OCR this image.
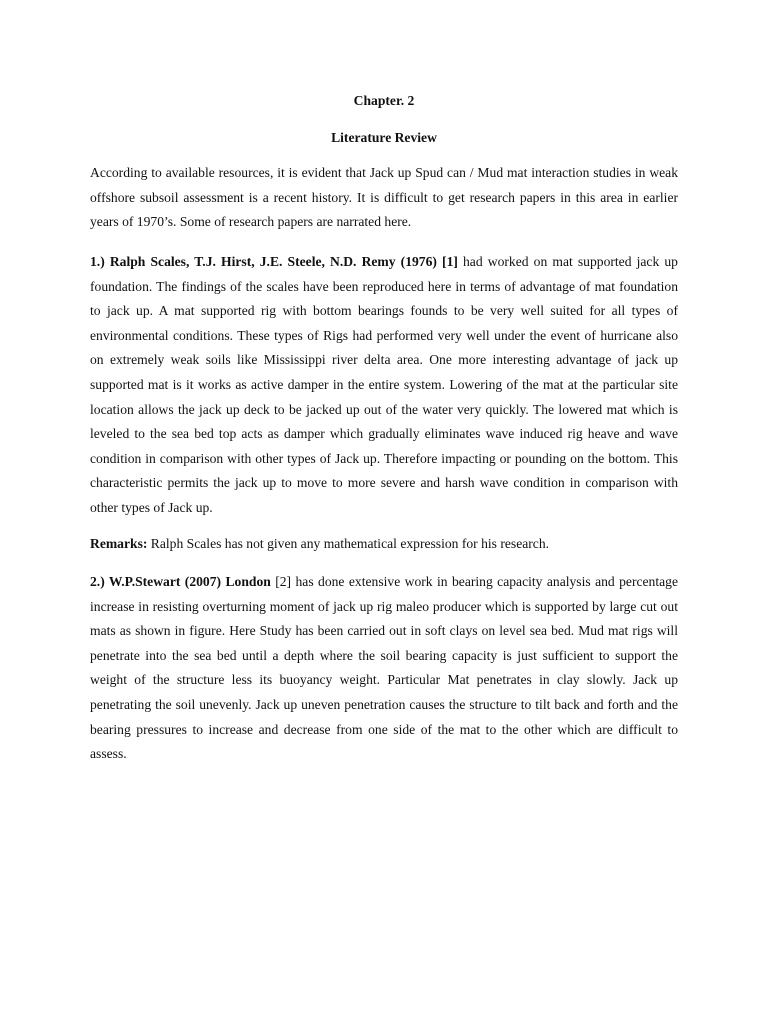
Chapter. 2

Literature Review

According to available resources, it is evident that Jack up Spud can / Mud mat interaction studies in weak offshore subsoil assessment is a recent history. It is difficult to get research papers in this area in earlier years of 1970’s. Some of research papers are narrated here.

1.) Ralph Scales, T.J. Hirst, J.E. Steele, N.D. Remy (1976) [1] had worked on mat supported jack up foundation. The findings of the scales have been reproduced here in terms of advantage of mat foundation to jack up. A mat supported rig with bottom bearings founds to be very well suited for all types of environmental conditions. These types of Rigs had performed very well under the event of hurricane also on extremely weak soils like Mississippi river delta area. One more interesting advantage of jack up supported mat is it works as active damper in the entire system. Lowering of the mat at the particular site location allows the jack up deck to be jacked up out of the water very quickly. The lowered mat which is leveled to the sea bed top acts as damper which gradually eliminates wave induced rig heave and wave condition in comparison with other types of Jack up. Therefore impacting or pounding on the bottom. This characteristic permits the jack up to move to more severe and harsh wave condition in comparison with other types of Jack up.

Remarks: Ralph Scales has not given any mathematical expression for his research.

2.) W.P.Stewart (2007) London [2] has done extensive work in bearing capacity analysis and percentage increase in resisting overturning moment of jack up rig maleo producer which is supported by large cut out mats as shown in figure. Here Study has been carried out in soft clays on level sea bed. Mud mat rigs will penetrate into the sea bed until a depth where the soil bearing capacity is just sufficient to support the weight of the structure less its buoyancy weight. Particular Mat penetrates in clay slowly. Jack up penetrating the soil unevenly. Jack up uneven penetration causes the structure to tilt back and forth and the bearing pressures to increase and decrease from one side of the mat to the other which are difficult to assess.
